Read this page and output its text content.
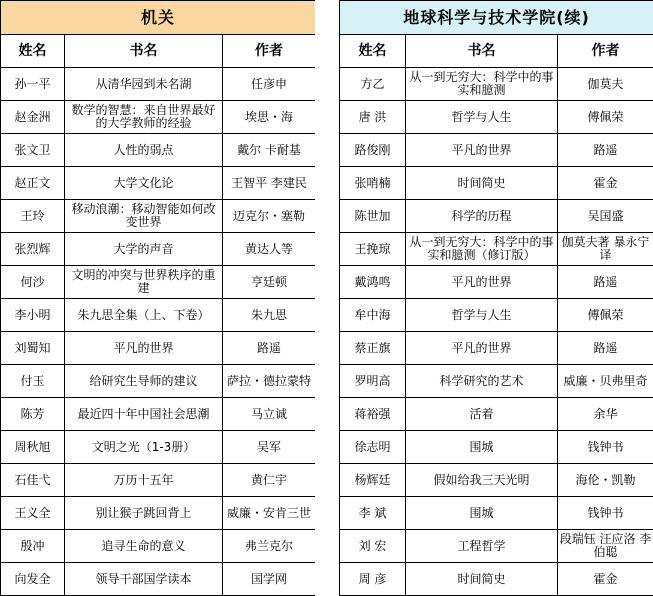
机关		
姓名	书名	作者
孙一平	从清华园到未名湖	任彦申
赵金洲	数学的智慧：来自世界最好的大学教师的经验	埃思・海
张文卫	人性的弱点	戴尔 卡耐基
赵正文	大学文化论	王智平 李建民
王玲	移动浪潮：移动智能如何改变世界	迈克尔・塞勒
张烈辉	大学的声音	黄达人等
何沙	文明的冲突与世界秩序的重建	亨廷顿
李小明	朱九思全集（上、下卷）	朱九思
刘蜀知	平凡的世界	路遥
付玉	给研究生导师的建议	萨拉・德拉蒙特
陈芳	最近四十年中国社会思潮	马立诚
周秋旭	文明之光（1-3册）	吴军
石佳弋	万历十五年	黄仁宇
王义全	别让猴子跳回背上	威廉・安肯三世
殷冲	追寻生命的意义	弗兰克尔
向发全	领导干部国学读本	国学网
地球科学与技术学院(续)		
姓名	书名	作者
方乙	从一到无穷大：科学中的事实和臆测	伽莫夫
唐 洪	哲学与人生	傅佩荣
路俊刚	平凡的世界	路遥
张哨楠	时间简史	霍金
陈世加	科学的历程	吴国盛
王挽琼	从一到无穷大：科学中的事实和臆测（修订版）	伽莫夫著 暴永宁译
戴鸿鸣	平凡的世界	路遥
牟中海	哲学与人生	傅佩荣
蔡正旗	平凡的世界	路遥
罗明高	科学研究的艺术	威廉・贝弗里奇
蒋裕强	活着	余华
徐志明	围城	钱钟书
杨辉廷	假如给我三天光明	海伦・凯勒
李 斌	围城	钱钟书
刘 宏	工程哲学	段瑞钰 汪应洛 李伯聪
周 彦	时间简史	霍金
